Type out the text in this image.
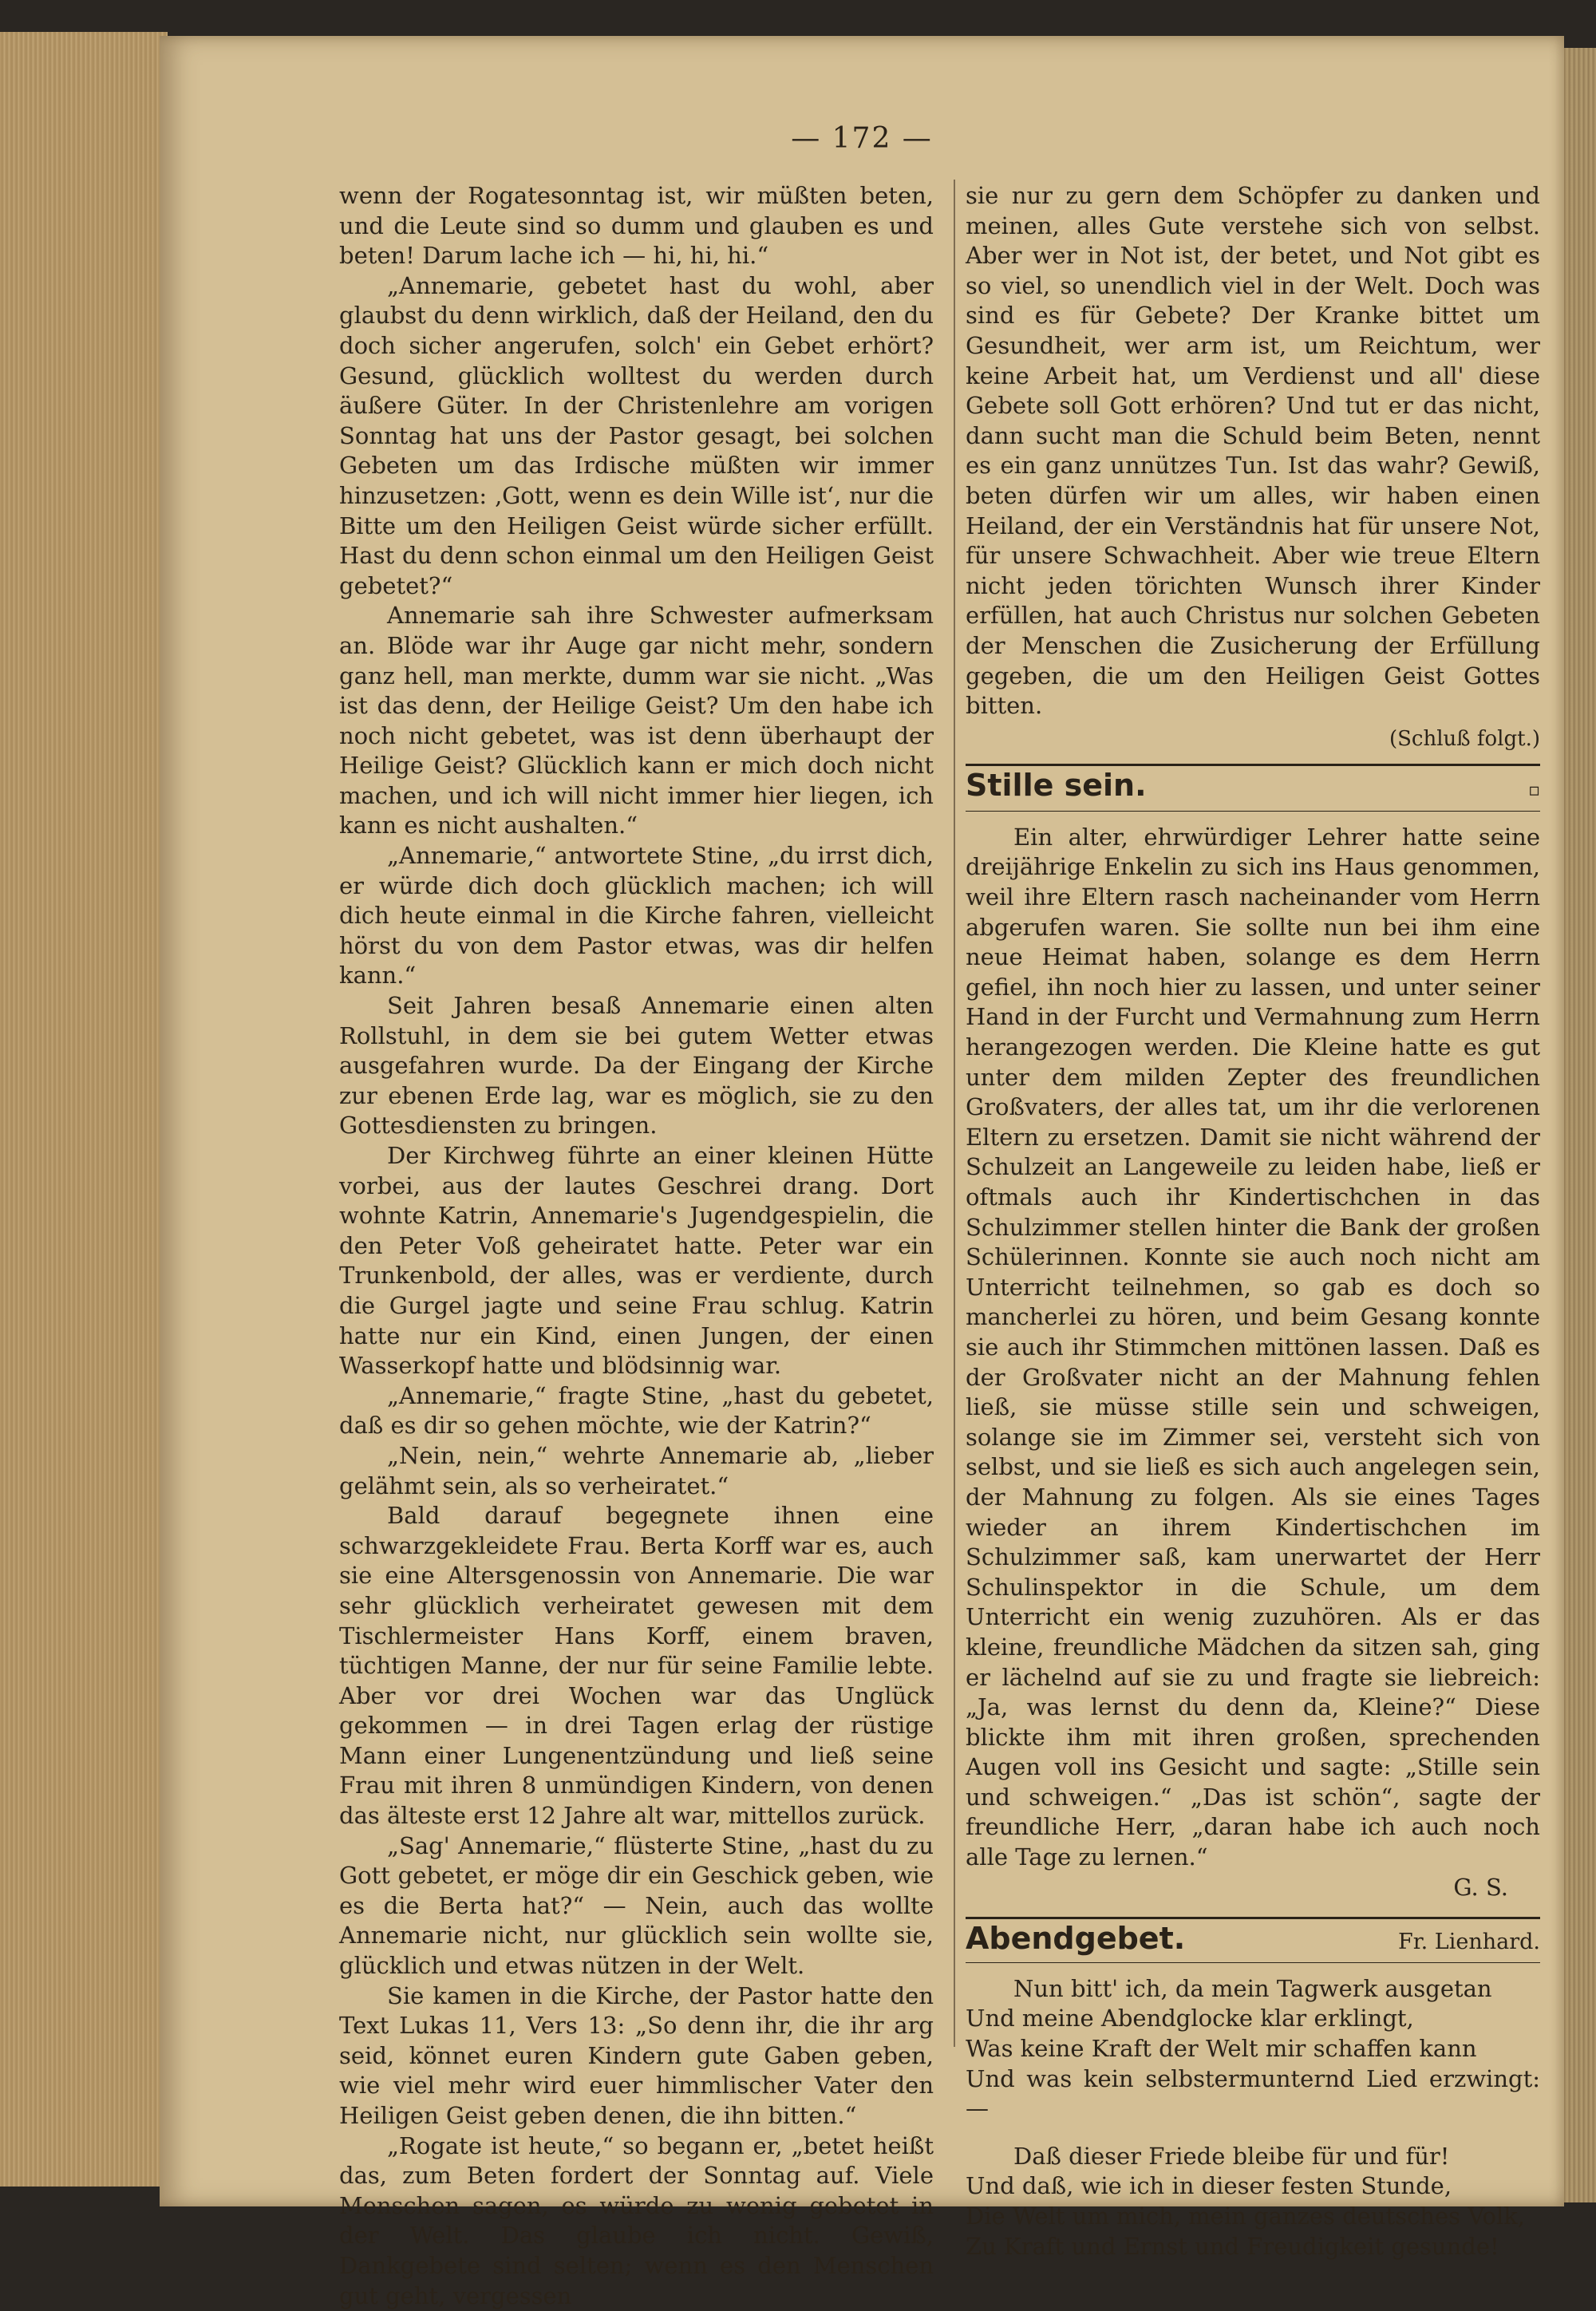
— 172 —

wenn der Rogatesonntag ist, wir müßten beten, und die Leute sind so dumm und glauben es und beten! Darum lache ich — hi, hi, hi.“

„Annemarie, gebetet hast du wohl, aber glaubst du denn wirklich, daß der Heiland, den du doch sicher angerufen, solch' ein Gebet erhört? Gesund, glücklich wolltest du werden durch äußere Güter. In der Christenlehre am vorigen Sonntag hat uns der Pastor gesagt, bei solchen Gebeten um das Irdische müßten wir immer hinzusetzen: ‚Gott, wenn es dein Wille ist‘, nur die Bitte um den Heiligen Geist würde sicher erfüllt. Hast du denn schon einmal um den Heiligen Geist gebetet?“

Annemarie sah ihre Schwester aufmerksam an. Blöde war ihr Auge gar nicht mehr, sondern ganz hell, man merkte, dumm war sie nicht. „Was ist das denn, der Heilige Geist? Um den habe ich noch nicht gebetet, was ist denn überhaupt der Heilige Geist? Glücklich kann er mich doch nicht machen, und ich will nicht immer hier liegen, ich kann es nicht aushalten.“

„Annemarie,“ antwortete Stine, „du irrst dich, er würde dich doch glücklich machen; ich will dich heute einmal in die Kirche fahren, vielleicht hörst du von dem Pastor etwas, was dir helfen kann.“

Seit Jahren besaß Annemarie einen alten Rollstuhl, in dem sie bei gutem Wetter etwas ausgefahren wurde. Da der Eingang der Kirche zur ebenen Erde lag, war es möglich, sie zu den Gottesdiensten zu bringen.

Der Kirchweg führte an einer kleinen Hütte vorbei, aus der lautes Geschrei drang. Dort wohnte Katrin, Annemarie's Jugendgespielin, die den Peter Voß geheiratet hatte. Peter war ein Trunkenbold, der alles, was er verdiente, durch die Gurgel jagte und seine Frau schlug. Katrin hatte nur ein Kind, einen Jungen, der einen Wasserkopf hatte und blödsinnig war.

„Annemarie,“ fragte Stine, „hast du gebetet, daß es dir so gehen möchte, wie der Katrin?“

„Nein, nein,“ wehrte Annemarie ab, „lieber gelähmt sein, als so verheiratet.“

Bald darauf begegnete ihnen eine schwarzgekleidete Frau. Berta Korff war es, auch sie eine Altersgenossin von Annemarie. Die war sehr glücklich verheiratet gewesen mit dem Tischlermeister Hans Korff, einem braven, tüchtigen Manne, der nur für seine Familie lebte. Aber vor drei Wochen war das Unglück gekommen — in drei Tagen erlag der rüstige Mann einer Lungenentzündung und ließ seine Frau mit ihren 8 unmündigen Kindern, von denen das älteste erst 12 Jahre alt war, mittellos zurück.

„Sag' Annemarie,“ flüsterte Stine, „hast du zu Gott gebetet, er möge dir ein Geschick geben, wie es die Berta hat?“ — Nein, auch das wollte Annemarie nicht, nur glücklich sein wollte sie, glücklich und etwas nützen in der Welt.

Sie kamen in die Kirche, der Pastor hatte den Text Lukas 11, Vers 13: „So denn ihr, die ihr arg seid, könnet euren Kindern gute Gaben geben, wie viel mehr wird euer himmlischer Vater den Heiligen Geist geben denen, die ihn bitten.“

„Rogate ist heute,“ so begann er, „betet heißt das, zum Beten fordert der Sonntag auf. Viele Menschen sagen, es würde zu wenig gebetet in der Welt. Das glaube ich nicht. Gewiß, Dankgebete sind selten; wenn es den Menschen gut geht, vergessen

sie nur zu gern dem Schöpfer zu danken und meinen, alles Gute verstehe sich von selbst. Aber wer in Not ist, der betet, und Not gibt es so viel, so unendlich viel in der Welt. Doch was sind es für Gebete? Der Kranke bittet um Gesundheit, wer arm ist, um Reichtum, wer keine Arbeit hat, um Verdienst und all' diese Gebete soll Gott erhören? Und tut er das nicht, dann sucht man die Schuld beim Beten, nennt es ein ganz unnützes Tun. Ist das wahr? Gewiß, beten dürfen wir um alles, wir haben einen Heiland, der ein Verständnis hat für unsere Not, für unsere Schwachheit. Aber wie treue Eltern nicht jeden törichten Wunsch ihrer Kinder erfüllen, hat auch Christus nur solchen Gebeten der Menschen die Zusicherung der Erfüllung gegeben, die um den Heiligen Geist Gottes bitten.

(Schluß folgt.)
Stille sein.	▫

Ein alter, ehrwürdiger Lehrer hatte seine dreijährige Enkelin zu sich ins Haus genommen, weil ihre Eltern rasch nacheinander vom Herrn abgerufen waren. Sie sollte nun bei ihm eine neue Heimat haben, solange es dem Herrn gefiel, ihn noch hier zu lassen, und unter seiner Hand in der Furcht und Vermahnung zum Herrn herangezogen werden. Die Kleine hatte es gut unter dem milden Zepter des freundlichen Großvaters, der alles tat, um ihr die verlorenen Eltern zu ersetzen. Damit sie nicht während der Schulzeit an Langeweile zu leiden habe, ließ er oftmals auch ihr Kindertischchen in das Schulzimmer stellen hinter die Bank der großen Schülerinnen. Konnte sie auch noch nicht am Unterricht teilnehmen, so gab es doch so mancherlei zu hören, und beim Gesang konnte sie auch ihr Stimmchen mittönen lassen. Daß es der Großvater nicht an der Mahnung fehlen ließ, sie müsse stille sein und schweigen, solange sie im Zimmer sei, versteht sich von selbst, und sie ließ es sich auch angelegen sein, der Mahnung zu folgen. Als sie eines Tages wieder an ihrem Kindertischchen im Schulzimmer saß, kam unerwartet der Herr Schulinspektor in die Schule, um dem Unterricht ein wenig zuzuhören. Als er das kleine, freundliche Mädchen da sitzen sah, ging er lächelnd auf sie zu und fragte sie liebreich: „Ja, was lernst du denn da, Kleine?“ Diese blickte ihm mit ihren großen, sprechenden Augen voll ins Gesicht und sagte: „Stille sein und schweigen.“ „Das ist schön“, sagte der freundliche Herr, „daran habe ich auch noch alle Tage zu lernen.“

G. S.
Abendgebet.	Fr. Lienhard.
Nun bitt' ich, da mein Tagwerk ausgetan
Und meine Abendglocke klar erklingt,
Was keine Kraft der Welt mir schaffen kann
Und was kein selbstermunternd Lied erzwingt: —
Daß dieser Friede bleibe für und für!
Und daß, wie ich in dieser festen Stunde,
Die Welt um mich, mein ganzes deutsches Volk,
Zu Kraft und Ernst und Freudigkeit gesunde!
